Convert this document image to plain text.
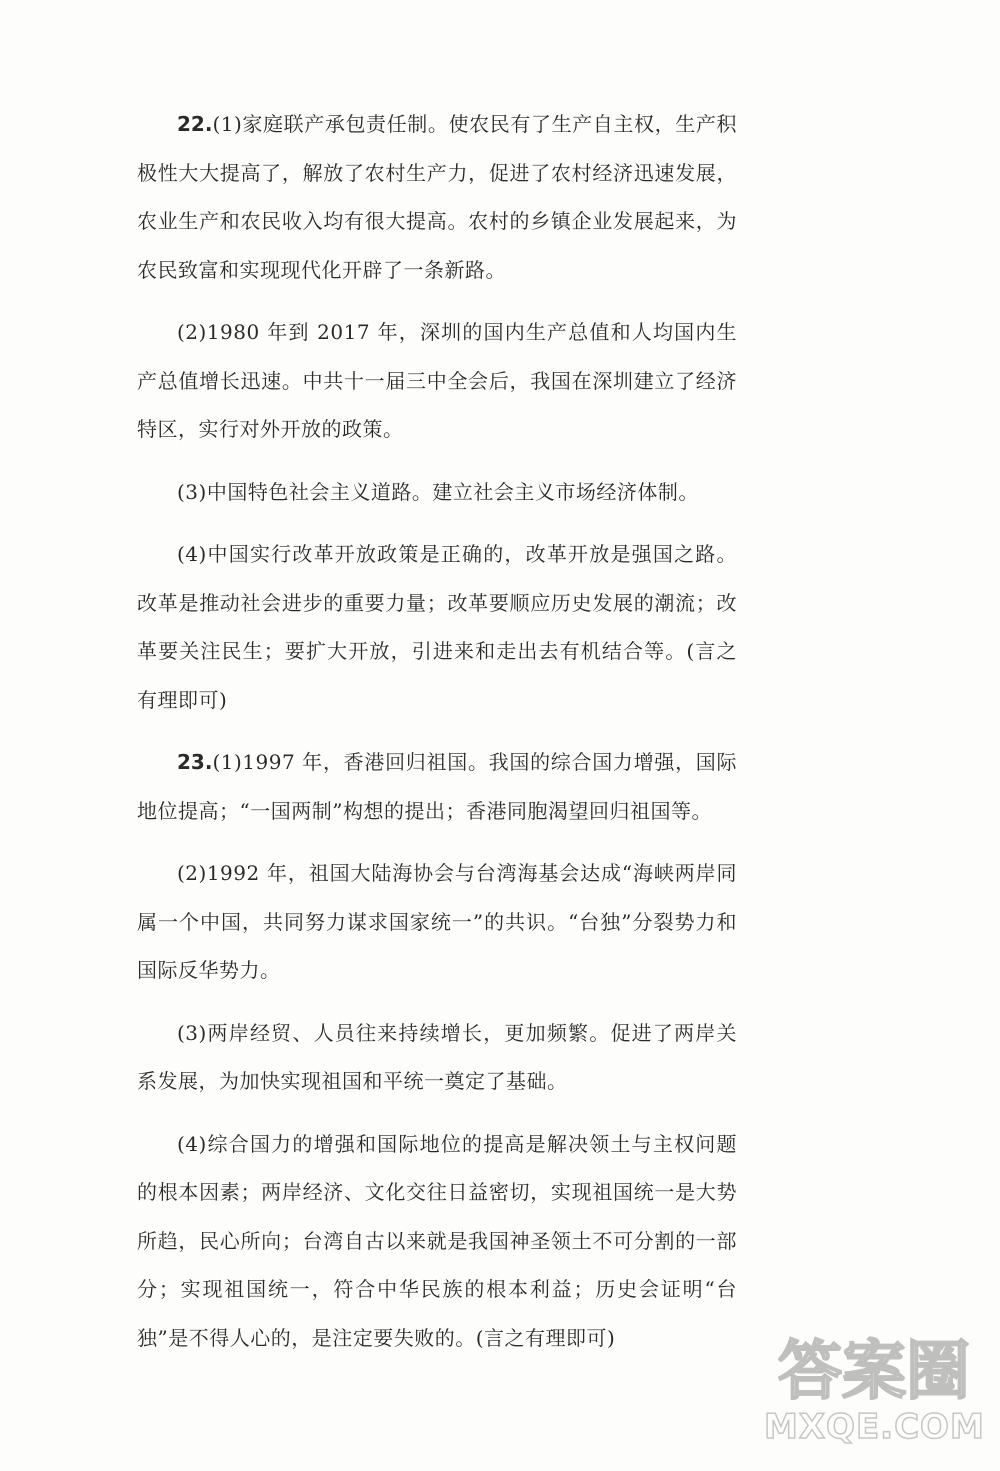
22.(1)家庭联产承包责任制。使农民有了生产自主权，生产积极性大大提高了，解放了农村生产力，促进了农村经济迅速发展，农业生产和农民收入均有很大提高。农村的乡镇企业发展起来，为农民致富和实现现代化开辟了一条新路。

(2)1980 年到 2017 年，深圳的国内生产总值和人均国内生产总值增长迅速。中共十一届三中全会后，我国在深圳建立了经济特区，实行对外开放的政策。

(3)中国特色社会主义道路。建立社会主义市场经济体制。

(4)中国实行改革开放政策是正确的，改革开放是强国之路。改革是推动社会进步的重要力量；改革要顺应历史发展的潮流；改革要关注民生；要扩大开放，引进来和走出去有机结合等。(言之有理即可)

23.(1)1997 年，香港回归祖国。我国的综合国力增强，国际地位提高；“一国两制”构想的提出；香港同胞渴望回归祖国等。

(2)1992 年，祖国大陆海协会与台湾海基会达成“海峡两岸同属一个中国，共同努力谋求国家统一”的共识。“台独”分裂势力和国际反华势力。

(3)两岸经贸、人员往来持续增长，更加频繁。促进了两岸关系发展，为加快实现祖国和平统一奠定了基础。

(4)综合国力的增强和国际地位的提高是解决领土与主权问题的根本因素；两岸经济、文化交往日益密切，实现祖国统一是大势所趋，民心所向；台湾自古以来就是我国神圣领土不可分割的一部分；实现祖国统一，符合中华民族的根本利益；历史会证明“台独”是不得人心的，是注定要失败的。(言之有理即可)	答案圈
MXQE.COM
